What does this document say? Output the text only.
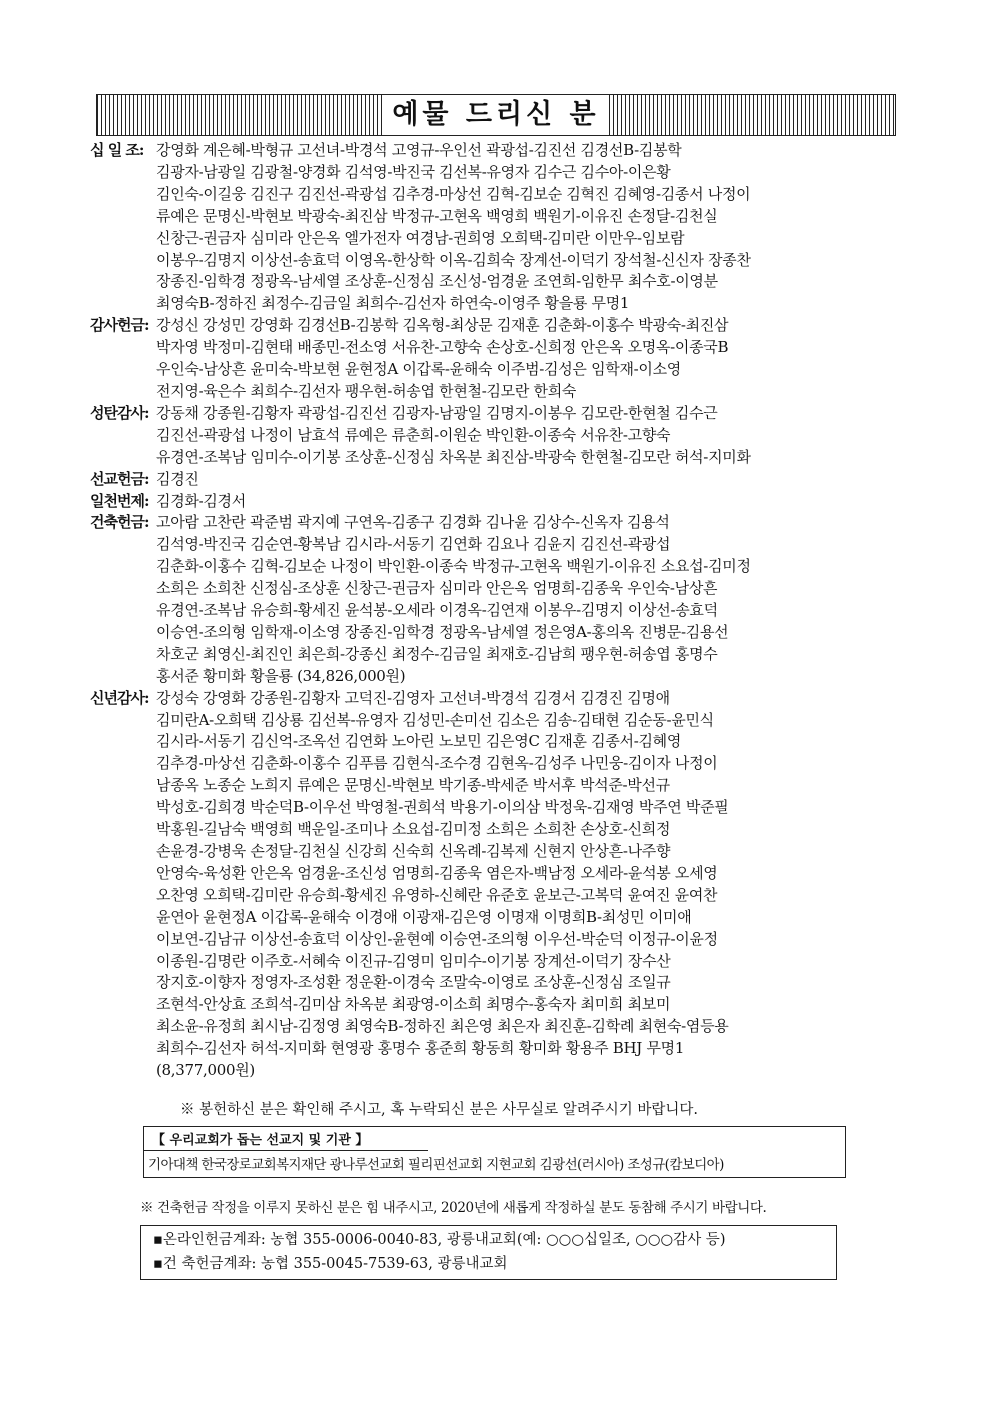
예물 드리신 분
십 일 조: 강영화 계은혜-박형규 고선녀-박경석 고영규-우인선 곽광섭-김진선 김경선B-김봉학
김광자-남광일 김광철-양경화 김석영-박진국 김선복-유영자 김수근 김수아-이은황
김인숙-이길웅 김진구 김진선-곽광섭 김추경-마상선 김혁-김보순 김혁진 김혜영-김종서 나정이
류예은 문명신-박현보 박광숙-최진삼 박정규-고현옥 백영희 백원기-이유진 손정달-김천실
신창근-권금자 심미라 안은옥 엘가전자 여경남-권희영 오희택-김미란 이만우-임보람
이봉우-김명지 이상선-송효덕 이영옥-한상학 이옥-김희숙 장계선-이덕기 장석철-신신자 장종찬
장종진-임학경 정광옥-남세열 조상훈-신정심 조신성-엄경윤 조연희-임한무 최수호-이영분
최영숙B-정하진 최정수-김금일 최희수-김선자 하연숙-이영주 황을룡 무명1
감사헌금: 강성신 강성민 강영화 김경선B-김봉학 김옥형-최상문 김재훈 김춘화-이홍수 박광숙-최진삼
박자영 박정미-김현태 배종민-전소영 서유찬-고향숙 손상호-신희정 안은옥 오명옥-이종국B
우인숙-남상흔 윤미숙-박보현 윤현정A 이갑록-윤해숙 이주범-김성은 임학재-이소영
전지영-육은수 최희수-김선자 팽우현-허송엽 한현철-김모란 한희숙
성탄감사: 강동채 강종원-김황자 곽광섭-김진선 김광자-남광일 김명지-이봉우 김모란-한현철 김수근
김진선-곽광섭 나정이 남효석 류예은 류춘희-이원순 박인환-이종숙 서유찬-고향숙
유경연-조복남 임미수-이기봉 조상훈-신정심 차옥분 최진삼-박광숙 한현철-김모란 허석-지미화
선교헌금: 김경진
일천번제: 김경화-김경서
건축헌금: 고아람 고찬란 곽준범 곽지예 구연옥-김종구 김경화 김나윤 김상수-신옥자 김용석
김석영-박진국 김순연-황복남 김시라-서동기 김연화 김요나 김윤지 김진선-곽광섭
김춘화-이홍수 김혁-김보순 나정이 박인환-이종숙 박정규-고현옥 백원기-이유진 소요섭-김미정
소희은 소희찬 신정심-조상훈 신창근-권금자 심미라 안은옥 엄명희-김종욱 우인숙-남상흔
유경연-조복남 유승희-황세진 윤석봉-오세라 이경옥-김연재 이봉우-김명지 이상선-송효덕
이승연-조의형 임학재-이소영 장종진-임학경 정광옥-남세열 정은영A-홍의옥 진병문-김용선
차호군 최영신-최진인 최은희-강종신 최정수-김금일 최재호-김남희 팽우현-허송엽 홍명수
홍서준 황미화 황을룡 (34,826,000원)
신년감사: 강성숙 강영화 강종원-김황자 고덕진-김영자 고선녀-박경석 김경서 김경진 김명애
김미란A-오희택 김상룡 김선복-유영자 김성민-손미선 김소은 김송-김태현 김순동-윤민식
김시라-서동기 김신억-조옥선 김연화 노아린 노보민 김은영C 김재훈 김종서-김혜영
김추경-마상선 김춘화-이홍수 김푸름 김현식-조수경 김현옥-김성주 나민웅-김이자 나정이
남종옥 노종순 노희지 류예은 문명신-박현보 박기종-박세준 박서후 박석준-박선규
박성호-김희경 박순덕B-이우선 박영철-권희석 박용기-이의삼 박정욱-김재영 박주연 박준필
박홍원-길남숙 백영희 백운일-조미나 소요섭-김미정 소희은 소희찬 손상호-신희정
손윤경-강병욱 손정달-김천실 신강희 신숙희 신옥례-김복제 신현지 안상흔-나주향
안영숙-육성환 안은옥 엄경윤-조신성 엄명희-김종욱 염은자-백남정 오세라-윤석봉 오세영
오찬영 오희택-김미란 유승희-황세진 유영하-신혜란 유준호 윤보근-고복덕 윤여진 윤여찬
윤연아 윤현정A 이갑록-윤해숙 이경애 이광재-김은영 이명재 이명희B-최성민 이미애
이보연-김남규 이상선-송효덕 이상인-윤현예 이승연-조의형 이우선-박순덕 이정규-이윤정
이종원-김명란 이주호-서혜숙 이진규-김영미 임미수-이기봉 장계선-이덕기 장수산
장지호-이향자 정영자-조성환 정운환-이경숙 조말숙-이영로 조상훈-신정심 조일규
조현석-안상효 조희석-김미삼 차옥분 최광영-이소희 최명수-홍숙자 최미희 최보미
최소윤-유정희 최시남-김정영 최영숙B-정하진 최은영 최은자 최진훈-김학례 최현숙-염등용
최희수-김선자 허석-지미화 현영광 홍명수 홍준희 황동희 황미화 황용주 BHJ 무명1
(8,377,000원)
※ 봉헌하신 분은 확인해 주시고, 혹 누락되신 분은 사무실로 알려주시기 바랍니다.
【 우리교회가 돕는 선교지 및 기관 】
기아대책 한국장로교회복지재단 광나루선교회 필리핀선교회 지현교회 김광선(러시아) 조성규(캄보디아)
※ 건축헌금 작정을 이루지 못하신 분은 힘 내주시고, 2020년에 새롭게 작정하실 분도 동참해 주시기 바랍니다.
▪온라인헌금계좌: 농협 355-0006-0040-83, 광릉내교회(예: ○○○십일조, ○○○감사 등)
▪건 축헌금계좌: 농협 355-0045-7539-63, 광릉내교회
